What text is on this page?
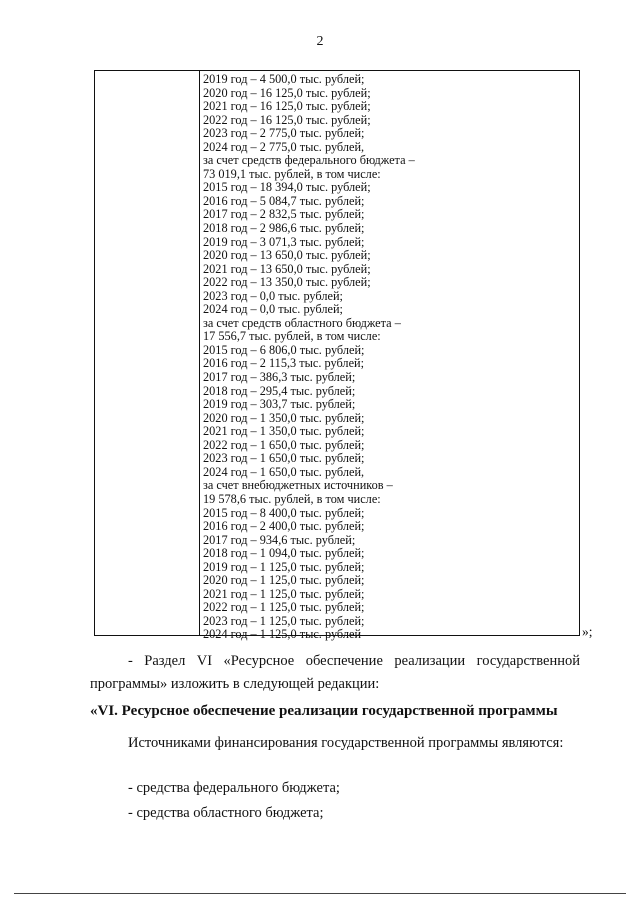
2
2019 год – 4 500,0 тыс. рублей;
2020 год – 16 125,0 тыс. рублей;
2021 год – 16 125,0 тыс. рублей;
2022 год – 16 125,0 тыс. рублей;
2023 год – 2 775,0 тыс. рублей;
2024 год – 2 775,0 тыс. рублей,
за счет средств федерального бюджета –
73 019,1 тыс. рублей, в том числе:
2015 год – 18 394,0 тыс. рублей;
2016 год – 5 084,7 тыс. рублей;
2017 год – 2 832,5 тыс. рублей;
2018 год – 2 986,6 тыс. рублей;
2019 год – 3 071,3 тыс. рублей;
2020 год – 13 650,0 тыс. рублей;
2021 год – 13 650,0 тыс. рублей;
2022 год – 13 350,0 тыс. рублей;
2023 год – 0,0 тыс. рублей;
2024 год – 0,0 тыс. рублей;
за счет средств областного бюджета –
17 556,7 тыс. рублей, в том числе:
2015 год – 6 806,0 тыс. рублей;
2016 год – 2 115,3 тыс. рублей;
2017 год – 386,3 тыс. рублей;
2018 год – 295,4 тыс. рублей;
2019 год – 303,7 тыс. рублей;
2020 год – 1 350,0 тыс. рублей;
2021 год – 1 350,0 тыс. рублей;
2022 год – 1 650,0 тыс. рублей;
2023 год – 1 650,0 тыс. рублей;
2024 год – 1 650,0 тыс. рублей,
за счет внебюджетных источников –
19 578,6 тыс. рублей, в том числе:
2015 год – 8 400,0 тыс. рублей;
2016 год – 2 400,0 тыс. рублей;
2017 год – 934,6 тыс. рублей;
2018 год – 1 094,0 тыс. рублей;
2019 год – 1 125,0 тыс. рублей;
2020 год – 1 125,0 тыс. рублей;
2021 год – 1 125,0 тыс. рублей;
2022 год – 1 125,0 тыс. рублей;
2023 год – 1 125,0 тыс. рублей;
2024 год – 1 125,0 тыс. рублей	»;
- Раздел VI «Ресурсное обеспечение реализации государственной программы» изложить в следующей редакции:
«VI. Ресурсное обеспечение реализации государственной программы
Источниками финансирования государственной программы являются:
- средства федерального бюджета;
- средства областного бюджета;
